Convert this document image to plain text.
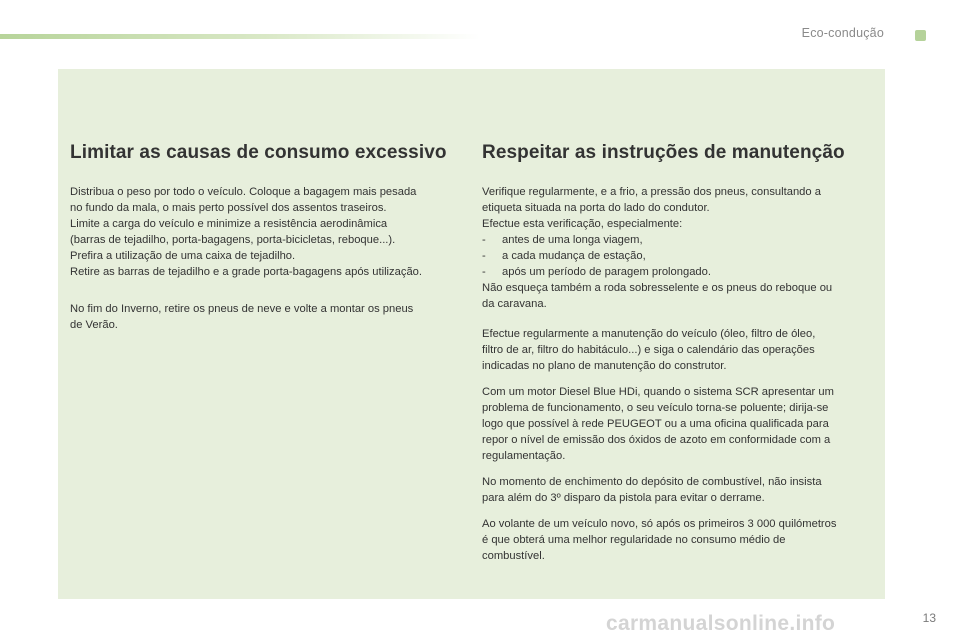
Eco-condução
Limitar as causas de consumo excessivo

Distribua o peso por todo o veículo. Coloque a bagagem mais pesada

no fundo da mala, o mais perto possível dos assentos traseiros.

Limite a carga do veículo e minimize a resistência aerodinâmica

(barras de tejadilho, porta-bagagens, porta-bicicletas, reboque...).

Prefira a utilização de uma caixa de tejadilho.

Retire as barras de tejadilho e a grade porta-bagagens após utilização.

No fim do Inverno, retire os pneus de neve e volte a montar os pneus

de Verão.

Respeitar as instruções de manutenção

Verifique regularmente, e a frio, a pressão dos pneus, consultando a

etiqueta situada na porta do lado do condutor.

Efectue esta verificação, especialmente:

- antes de uma longa viagem,

- a cada mudança de estação,

- após um período de paragem prolongado.

Não esqueça também a roda sobresselente e os pneus do reboque ou

da caravana.

Efectue regularmente a manutenção do veículo (óleo, filtro de óleo,

filtro de ar, filtro do habitáculo...) e siga o calendário das operações

indicadas no plano de manutenção do construtor.

Com um motor Diesel Blue HDi, quando o sistema SCR apresentar um

problema de funcionamento, o seu veículo torna-se poluente; dirija-se

logo que possível à rede PEUGEOT ou a uma oficina qualificada para

repor o nível de emissão dos óxidos de azoto em conformidade com a

regulamentação.

No momento de enchimento do depósito de combustível, não insista

para além do 3º disparo da pistola para evitar o derrame.

Ao volante de um veículo novo, só após os primeiros 3 000 quilómetros

é que obterá uma melhor regularidade no consumo médio de

combustível.

carmanualsonline.info	13
